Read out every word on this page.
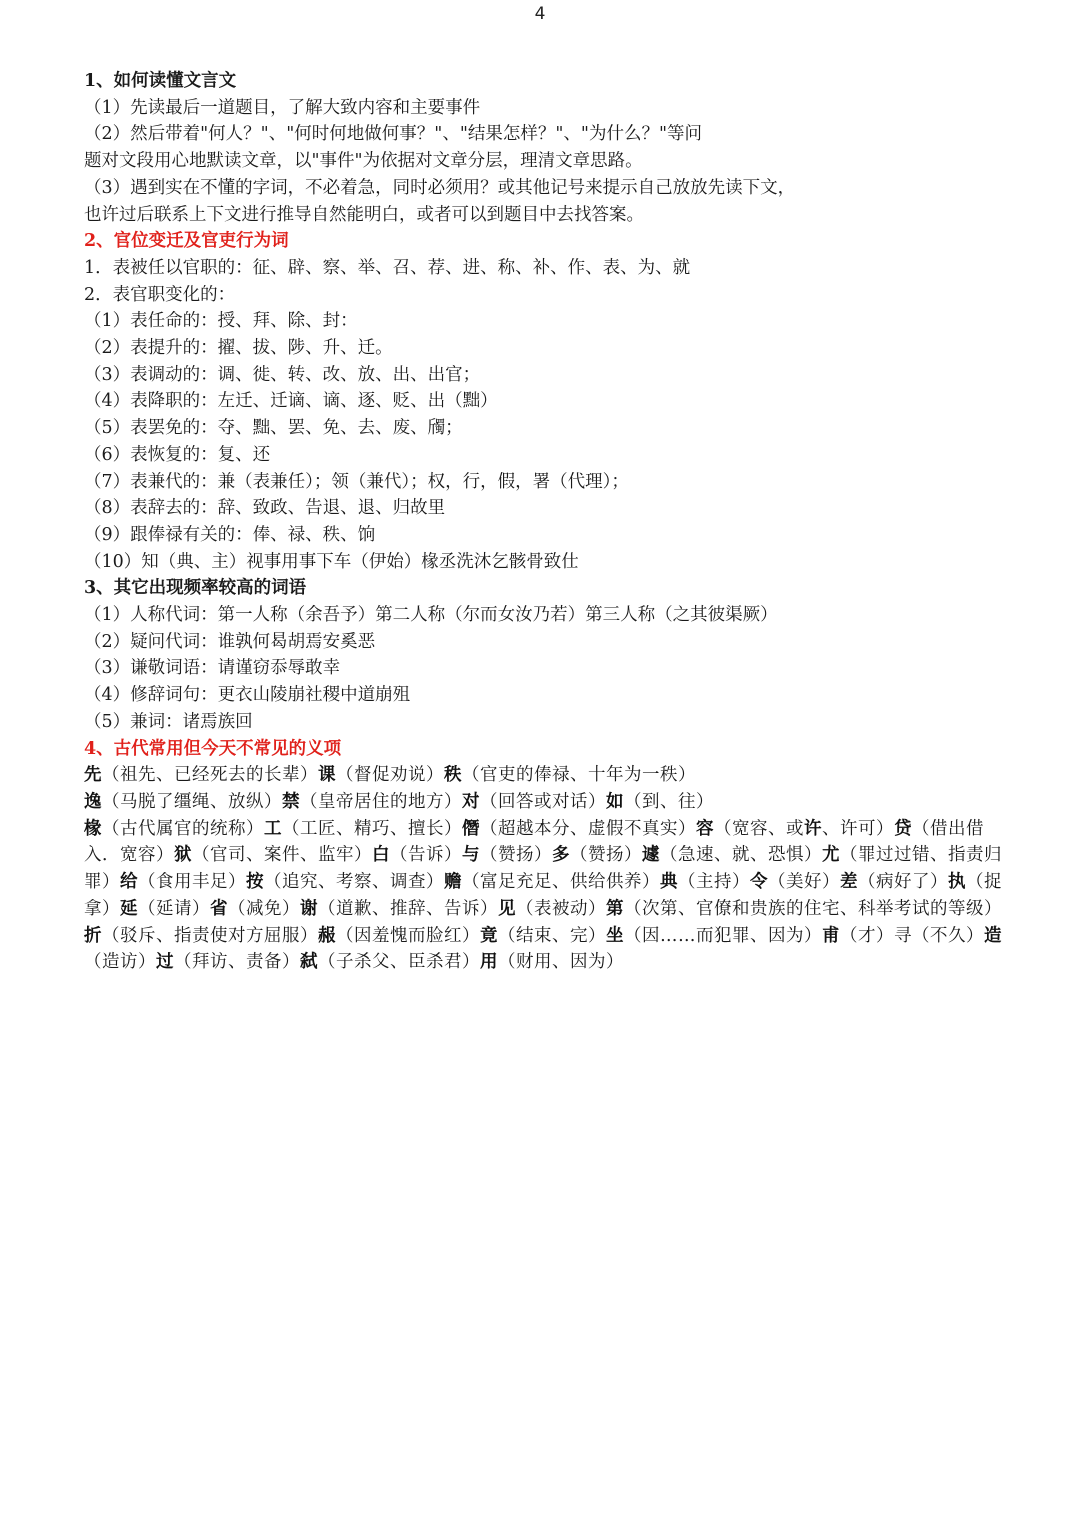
4
1、如何读懂文言文
（1）先读最后一道题目，了解大致内容和主要事件
（2）然后带着"何人？"、"何时何地做何事？"、"结果怎样？"、"为什么？"等问
题对文段用心地默读文章，以"事件"为依据对文章分层，理清文章思路。
（3）遇到实在不懂的字词，不必着急，同时必须用？或其他记号来提示自己放放先读下文，
也许过后联系上下文进行推导自然能明白，或者可以到题目中去找答案。
2、官位变迁及官吏行为词
1．表被任以官职的：征、辟、察、举、召、荐、进、称、补、作、表、为、就
2．表官职变化的：
（1）表任命的：授、拜、除、封：
（2）表提升的：擢、拔、陟、升、迁。
（3）表调动的：调、徙、转、改、放、出、出官；
（4）表降职的：左迁、迁谪、谪、逐、贬、出（黜）
（5）表罢免的：夺、黜、罢、免、去、废、斶；
（6）表恢复的：复、还
（7）表兼代的：兼（表兼任）；领（兼代）；权，行，假，署（代理）；
（8）表辞去的：辞、致政、告退、退、归故里
（9）跟俸禄有关的：俸、禄、秩、饷
（10）知（典、主）视事用事下车（伊始）椽丞洗沐乞骸骨致仕
3、其它出现频率较高的词语
（1）人称代词：第一人称（余吾予）第二人称（尔而女汝乃若）第三人称（之其彼渠厥）
（2）疑问代词：谁孰何曷胡焉安奚恶
（3）谦敬词语：请谨窃忝辱敢幸
（4）修辞词句：更衣山陵崩社稷中道崩殂
（5）兼词：诸焉族回
4、古代常用但今天不常见的义项
先（祖先、已经死去的长辈）课（督促劝说）秩（官吏的俸禄、十年为一秩）
逸（马脱了缰绳、放纵）禁（皇帝居住的地方）对（回答或对话）如（到、往）
椽（古代属官的统称）工（工匠、精巧、擅长）僭（超越本分、虚假不真实）容（宽容、或许、许可）贷（借出借入．宽容）狱（官司、案件、监牢）白（告诉）与（赞扬）多（赞扬）遽（急速、就、恐惧）尤（罪过过错、指责归罪）给（食用丰足）按（追究、考察、调查）赡（富足充足、供给供养）典（主持）令（美好）差（病好了）执（捉拿）延（延请）省（减免）谢（道歉、推辞、告诉）见（表被动）第（次第、官僚和贵族的住宅、科举考试的等级）折（驳斥、指责使对方屈服）赧（因羞愧而脸红）竟（结束、完）坐（因……而犯罪、因为）甫（才）寻（不久）造（造访）过（拜访、责备）弑（子杀父、臣杀君）用（财用、因为）
